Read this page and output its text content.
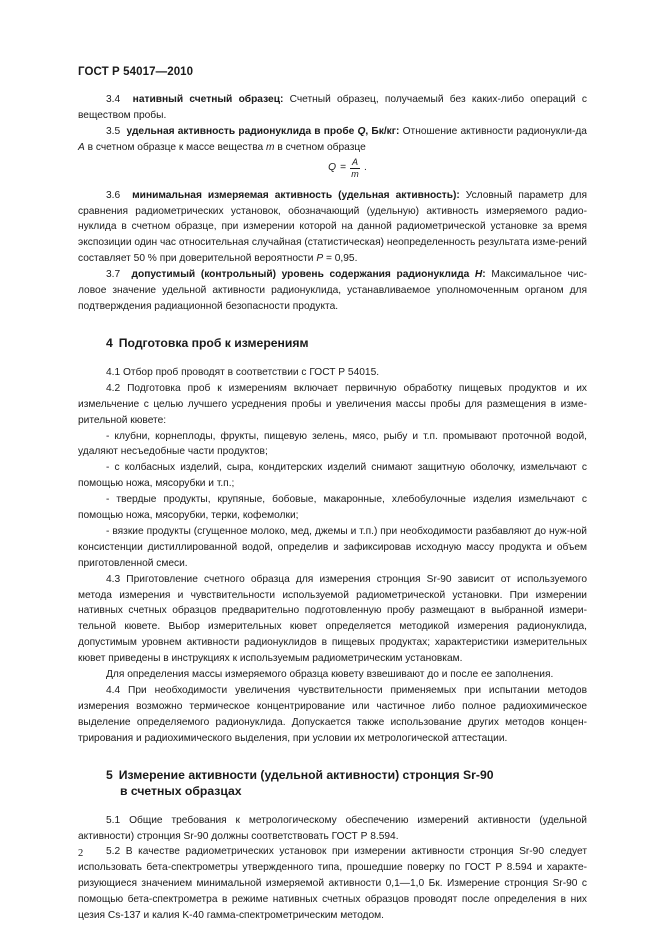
ГОСТ Р 54017—2010

3.4 нативный счетный образец: Счетный образец, получаемый без каких-либо операций с веществом пробы.

3.5 удельная активность радионуклида в пробе Q, Бк/кг: Отношение активности радионукли-да A в счетном образце к массе вещества m в счетном образце

$Q = \frac{A}{m}$ .

3.6 минимальная измеряемая активность (удельная активность): Условный параметр для сравнения радиометрических установок, обозначающий (удельную) активность измеряемого радио-нуклида в счетном образце, при измерении которой на данной радиометрической установке за время экспозиции один час относительная случайная (статистическая) неопределенность результата изме-рений составляет 50 % при доверительной вероятности P = 0,95.

3.7 допустимый (контрольный) уровень содержания радионуклида H: Максимальное чис-ловое значение удельной активности радионуклида, устанавливаемое уполномоченным органом для подтверждения радиационной безопасности продукта.

4 Подготовка проб к измерениям

4.1 Отбор проб проводят в соответствии с ГОСТ Р 54015.

4.2 Подготовка проб к измерениям включает первичную обработку пищевых продуктов и их измельчение с целью лучшего усреднения пробы и увеличения массы пробы для размещения в изме-рительной кювете:

- клубни, корнеплоды, фрукты, пищевую зелень, мясо, рыбу и т.п. промывают проточной водой, удаляют несъедобные части продуктов;

- с колбасных изделий, сыра, кондитерских изделий снимают защитную оболочку, измельчают с помощью ножа, мясорубки и т.п.;

- твердые продукты, крупяные, бобовые, макаронные, хлебобулочные изделия измельчают с помощью ножа, мясорубки, терки, кофемолки;

- вязкие продукты (сгущенное молоко, мед, джемы и т.п.) при необходимости разбавляют до нуж-ной консистенции дистиллированной водой, определив и зафиксировав исходную массу продукта и объем приготовленной смеси.

4.3 Приготовление счетного образца для измерения стронция Sr-90 зависит от используемого метода измерения и чувствительности используемой радиометрической установки. При измерении нативных счетных образцов предварительно подготовленную пробу размещают в выбранной измери-тельной кювете. Выбор измерительных кювет определяется методикой измерения радионуклида, допустимым уровнем активности радионуклидов в пищевых продуктах; характеристики измерительных кювет приведены в инструкциях к используемым радиометрическим установкам.

Для определения массы измеряемого образца кювету взвешивают до и после ее заполнения.

4.4 При необходимости увеличения чувствительности применяемых при испытании методов измерения возможно термическое концентрирование или частичное либо полное радиохимическое выделение определяемого радионуклида. Допускается также использование других методов концен-трирования и радиохимического выделения, при условии их метрологической аттестации.

5 Измерение активности (удельной активности) стронция Sr-90
в счетных образцах

5.1 Общие требования к метрологическому обеспечению измерений активности (удельной активности) стронция Sr-90 должны соответствовать ГОСТ Р 8.594.

5.2 В качестве радиометрических установок при измерении активности стронция Sr-90 следует использовать бета-спектрометры утвержденного типа, прошедшие поверку по ГОСТ Р 8.594 и характе-ризующиеся значением минимальной измеряемой активности 0,1—1,0 Бк. Измерение стронция Sr-90 с помощью бета-спектрометра в режиме нативных счетных образцов проводят после определения в них цезия Cs-137 и калия K-40 гамма-спектрометрическим методом.

2
